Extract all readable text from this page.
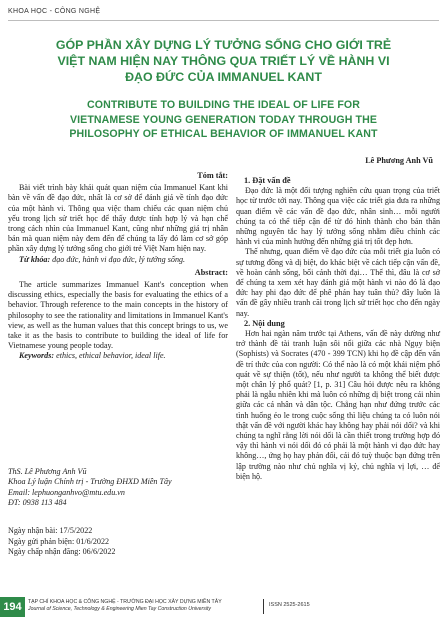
KHOA HỌC - CÔNG NGHỆ
GÓP PHẦN XÂY DỰNG LÝ TƯỞNG SỐNG CHO GIỚI TRẺ
VIỆT NAM HIỆN NAY THÔNG QUA TRIẾT LÝ VỀ HÀNH VI
ĐẠO ĐỨC CỦA IMMANUEL KANT
CONTRIBUTE TO BUILDING THE IDEAL OF LIFE FOR
VIETNAMESE YOUNG GENERATION TODAY THROUGH THE
PHILOSOPHY OF ETHICAL BEHAVIOR OF IMMANUEL KANT
Lê Phương Anh Vũ
Tóm tắt:

Bài viết trình bày khái quát quan niệm của Immanuel Kant khi bàn về vấn đề đạo đức, nhất là cơ sở để đánh giá về tính đạo đức của một hành vi. Thông qua việc tham chiếu các quan niệm chủ yếu trong lịch sử triết học để thấy được tính hợp lý và hạn chế trong cách nhìn của Immanuel Kant, cũng như những giá trị nhân bản mà quan niệm này đem đến để chúng ta lấy đó làm cơ sở góp phần xây dựng lý tưởng sống cho giới trẻ Việt Nam hiện nay.

Từ khóa: đạo đức, hành vi đạo đức, lý tưởng sống.

Abstract:

The article summarizes Immanuel Kant's conception when discussing ethics, especially the basis for evaluating the ethics of a behavior. Through reference to the main concepts in the history of philosophy to see the rationality and limitations in Immanuel Kant's view, as well as the human values that this concept brings to us, we take it as the basis to contribute to building the ideal of life for Vietnamese young people today.

Keywords: ethics, ethical behavior, ideal life.

ThS. Lê Phương Anh Vũ
Khoa Lý luận Chính trị - Trường ĐHXD Miền Tây
Email: lephuonganhvo@mtu.edu.vn
ĐT: 0938 113 484
Ngày nhận bài: 17/5/2022
Ngày gửi phản biện: 01/6/2022
Ngày chấp nhận đăng: 06/6/2022
1. Đặt vấn đề

Đạo đức là một đối tượng nghiên cứu quan trọng của triết học từ trước tới nay. Thông qua việc các triết gia đưa ra những quan điểm về các vấn đề đạo đức, nhân sinh… mỗi người chúng ta có thể tiếp cận để từ đó hình thành cho bản thân những nguyên tắc hay lý tưởng sống nhằm điều chỉnh các hành vi của mình hướng đến những giá trị tốt đẹp hơn.

Thế nhưng, quan điểm về đạo đức của mỗi triết gia luôn có sự tương đồng và dị biệt, do khác biệt về cách tiếp cận vấn đề, về hoàn cảnh sống, bối cảnh thời đại… Thế thì, đâu là cơ sở để chúng ta xem xét hay đánh giá một hành vi nào đó là đạo đức hay phi đạo đức để phê phán hay tuân thủ? đây luôn là vấn đề gây nhiều tranh cãi trong lịch sử triết học cho đến ngày nay.

2. Nội dung

Hơn hai ngàn năm trước tại Athens, vấn đề này dường như trở thành đề tài tranh luận sôi nổi giữa các nhà Ngụy biện (Sophists) và Socrates (470 - 399 TCN) khi họ đề cập đến vấn đề trí thức của con người: Có thể nào là có một khái niệm phổ quát về sự thiện (tốt), nếu như người ta không thể biết được một chân lý phổ quát? [1, p. 31] Câu hỏi được nêu ra không phải là ngẫu nhiên khi mà luôn có những dị biệt trong cái nhìn giữa các cá nhân và dân tộc. Chẳng hạn như đứng trước các tình huống éo le trong cuộc sống thì liệu chúng ta có luôn nói thật vấn đề với người khác hay không hay phải nói dối? và khi chúng ta nghĩ rằng lời nói dối là cần thiết trong trường hợp đó vậy thì hành vi nói dối đó có phải là một hành vi đạo đức hay không…, ứng họ hay phản đối, cái đó tuỳ thuộc bạn đứng trên lập trường nào như chủ nghĩa vị kỷ, chủ nghĩa vị lợi, … để biện hộ.

194	TẠP CHÍ KHOA HỌC & CÔNG NGHỆ - TRƯỜNG ĐẠI HỌC XÂY DỰNG MIỀN TÂY
Journal of Science, Technology & Engineering Mien Tay Construction University
ISSN 2525-2615
